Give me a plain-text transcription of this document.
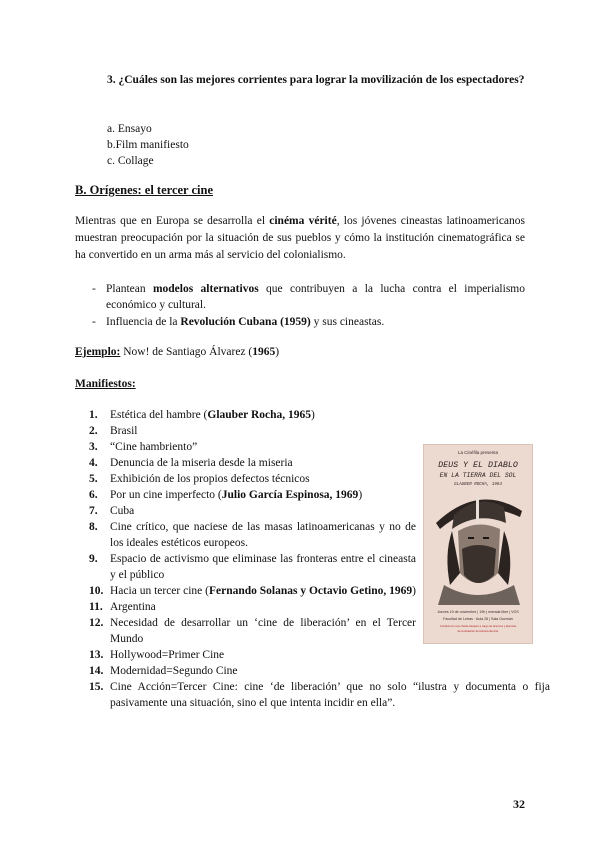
3. ¿Cuáles son las mejores corrientes para lograr la movilización de los espectadores?
a. Ensayo
b.Film manifiesto
c. Collage
B. Orígenes: el tercer cine
Mientras que en Europa se desarrolla el cinéma vérité, los jóvenes cineastas latinoamericanos muestran preocupación por la situación de sus pueblos y cómo la institución cinematográfica se ha convertido en un arma más al servicio del colonialismo.
- Plantean modelos alternativos que contribuyen a la lucha contra el imperialismo económico y cultural.
- Influencia de la Revolución Cubana (1959) y sus cineastas.
Ejemplo: Now! de Santiago Álvarez (1965)
Manifiestos:
1. Estética del hambre (Glauber Rocha, 1965)
2. Brasil
3. “Cine hambriento”
4. Denuncia de la miseria desde la miseria
5. Exhibición de los propios defectos técnicos
6. Por un cine imperfecto (Julio García Espinosa, 1969)
7. Cuba
8. Cine crítico, que naciese de las masas latinoamericanas y no de los ideales estéticos europeos.
9. Espacio de activismo que eliminase las fronteras entre el cineasta y el público
10. Hacia un tercer cine (Fernando Solanas y Octavio Getino, 1969)
11. Argentina
12. Necesidad de desarrollar un ‘cine de liberación’ en el Tercer Mundo
13. Hollywood=Primer Cine
14. Modernidad=Segundo Cine
15. Cine Acción=Tercer Cine: cine ‘de liberación’ que no solo “ilustra y documenta o fija pasivamente una situación, sino el que intenta incidir en ella”.
La Cinéfila presenta
DEUS Y EL DIABLO
EN LA TIERRA DEL SOL
GLAUBER ROCHA, 1964
Jueves 19 de noviembre | 19h | entrada libre | VOS
Facultad de Letras · Aula 26 | Sala Guzmán
Contará con una charla-coloquio a cargo de alumnos y alumnas
de la titulación de Historia del Arte
32
